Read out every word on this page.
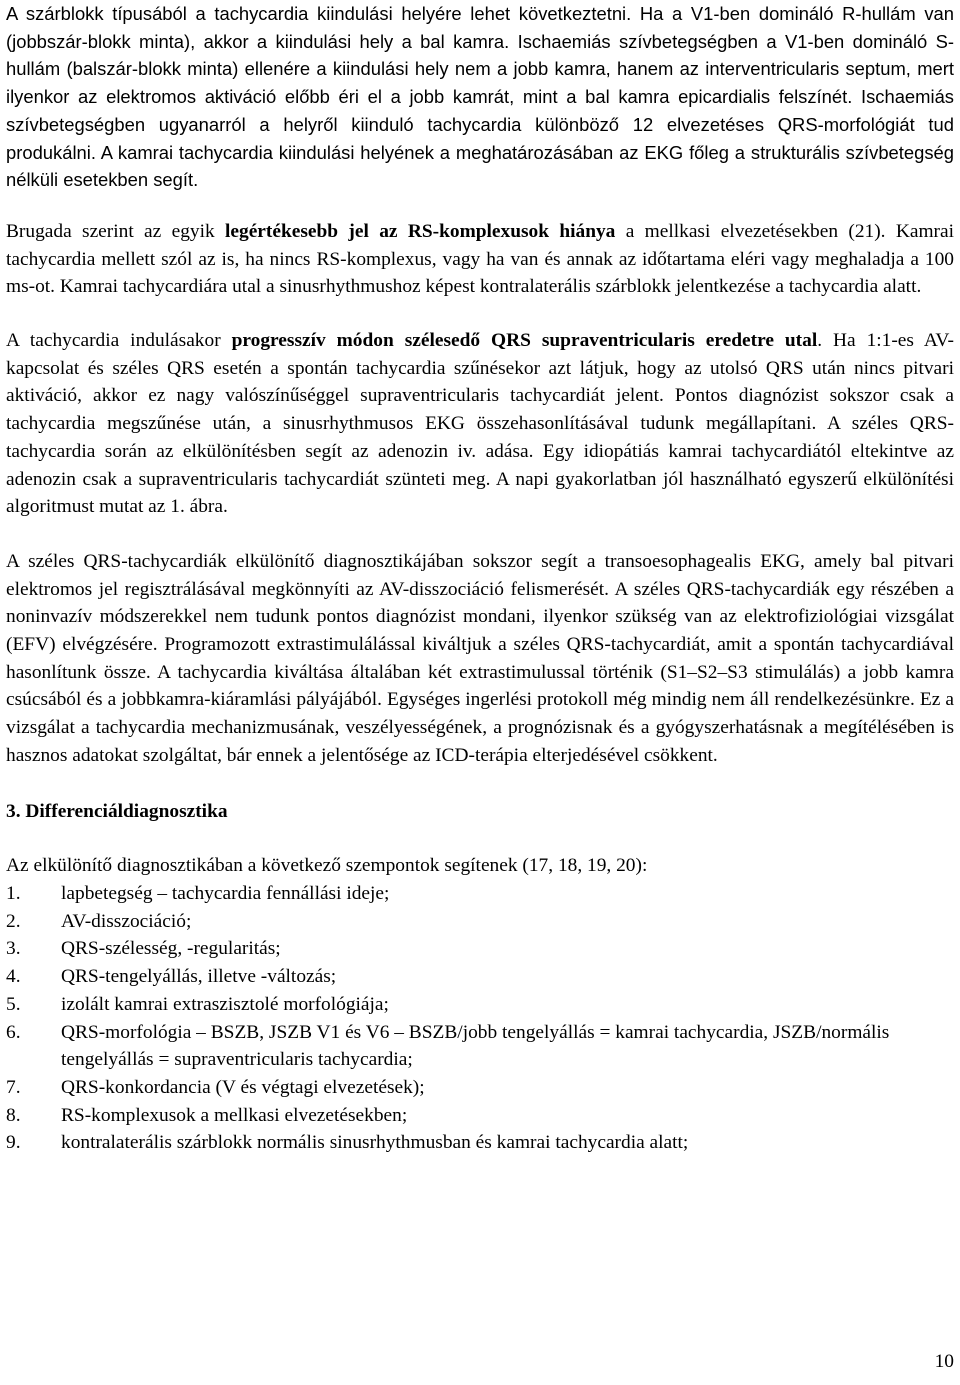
A szárblokk típusából a tachycardia kiindulási helyére lehet következtetni. Ha a V1-ben domináló R-hullám van (jobbszár-blokk minta), akkor a kiindulási hely a bal kamra. Ischaemiás szívbetegségben a V1-ben domináló S-hullám (balszár-blokk minta) ellenére a kiindulási hely nem a jobb kamra, hanem az interventricularis septum, mert ilyenkor az elektromos aktiváció előbb éri el a jobb kamrát, mint a bal kamra epicardialis felszínét. Ischaemiás szívbetegségben ugyanarról a helyről kiinduló tachycardia különböző 12 elvezetéses QRS-morfológiát tud produkálni. A kamrai tachycardia kiindulási helyének a meghatározásában az EKG főleg a strukturális szívbetegség nélküli esetekben segít.

Brugada szerint az egyik legértékesebb jel az RS-komplexusok hiánya a mellkasi elvezetésekben (21). Kamrai tachycardia mellett szól az is, ha nincs RS-komplexus, vagy ha van és annak az időtartama eléri vagy meghaladja a 100 ms-ot. Kamrai tachycardiára utal a sinusrhythmushoz képest kontralaterális szárblokk jelentkezése a tachycardia alatt.

A tachycardia indulásakor progresszív módon szélesedő QRS supraventricularis eredetre utal. Ha 1:1-es AV-kapcsolat és széles QRS esetén a spontán tachycardia szűnésekor azt látjuk, hogy az utolsó QRS után nincs pitvari aktiváció, akkor ez nagy valószínűséggel supraventricularis tachycardiát jelent. Pontos diagnózist sokszor csak a tachycardia megszűnése után, a sinusrhythmusos EKG összehasonlításával tudunk megállapítani. A széles QRS-tachycardia során az elkülönítésben segít az adenozin iv. adása. Egy idiopátiás kamrai tachycardiától eltekintve az adenozin csak a supraventricularis tachycardiát szünteti meg. A napi gyakorlatban jól használható egyszerű elkülönítési algoritmust mutat az 1. ábra.

A széles QRS-tachycardiák elkülönítő diagnosztikájában sokszor segít a transoesophagealis EKG, amely bal pitvari elektromos jel regisztrálásával megkönnyíti az AV-disszociáció felismerését. A széles QRS-tachycardiák egy részében a noninvazív módszerekkel nem tudunk pontos diagnózist mondani, ilyenkor szükség van az elektrofiziológiai vizsgálat (EFV) elvégzésére. Programozott extrastimulálással kiváltjuk a széles QRS-tachycardiát, amit a spontán tachycardiával hasonlítunk össze. A tachycardia kiváltása általában két extrastimulussal történik (S1–S2–S3 stimulálás) a jobb kamra csúcsából és a jobbkamra-kiáramlási pályájából. Egységes ingerlési protokoll még mindig nem áll rendelkezésünkre. Ez a vizsgálat a tachycardia mechanizmusának, veszélyességének, a prognózisnak és a gyógyszerhatásnak a megítélésében is hasznos adatokat szolgáltat, bár ennek a jelentősége az ICD-terápia elterjedésével csökkent.

3. Differenciáldiagnosztika

Az elkülönítő diagnosztikában a következő szempontok segítenek (17, 18, 19, 20):

1.	lapbetegség – tachycardia fennállási ideje;
2.	AV-disszociáció;
3.	QRS-szélesség, -regularitás;
4.	QRS-tengelyállás, illetve -változás;
5.	izolált kamrai extraszisztolé morfológiája;
6.	QRS-morfológia – BSZB, JSZB V1 és V6 – BSZB/jobb tengelyállás = kamrai tachycardia, JSZB/normális tengelyállás = supraventricularis tachycardia;
7.	QRS-konkordancia (V és végtagi elvezetések);
8.	RS-komplexusok a mellkasi elvezetésekben;
9.	kontralaterális szárblokk normális sinusrhythmusban és kamrai tachycardia alatt;
10
